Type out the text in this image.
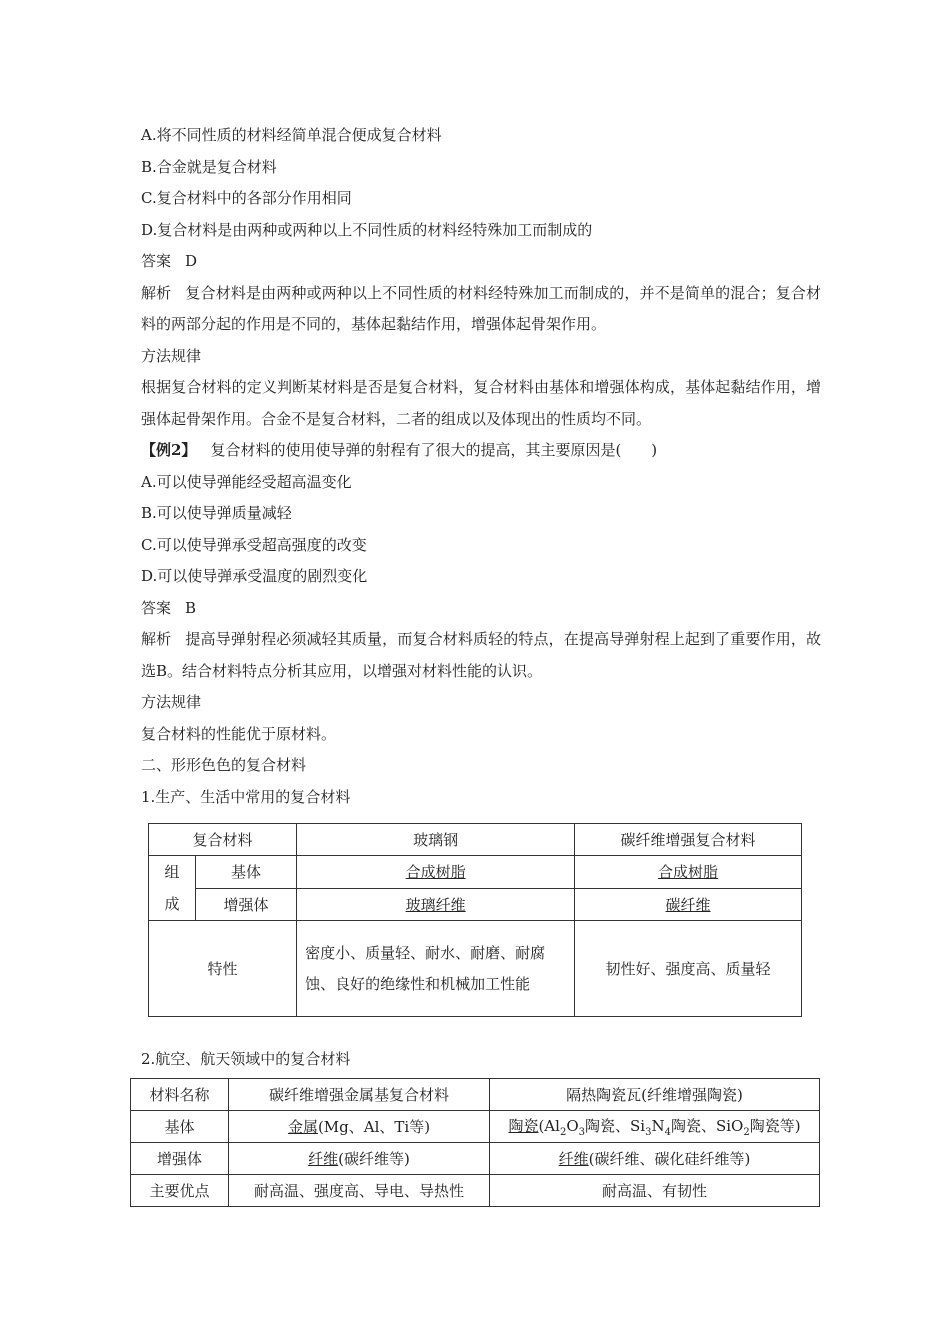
A.将不同性质的材料经简单混合便成复合材料
B.合金就是复合材料
C.复合材料中的各部分作用相同
D.复合材料是由两种或两种以上不同性质的材料经特殊加工而制成的
答案 D
解析 复合材料是由两种或两种以上不同性质的材料经特殊加工而制成的，并不是简单的混合；复合材料的两部分起的作用是不同的，基体起黏结作用，增强体起骨架作用。
方法规律
根据复合材料的定义判断某材料是否是复合材料，复合材料由基体和增强体构成，基体起黏结作用，增强体起骨架作用。合金不是复合材料，二者的组成以及体现出的性质均不同。
【例2】 复合材料的使用使导弹的射程有了很大的提高，其主要原因是(　　)
A.可以使导弹能经受超高温变化
B.可以使导弹质量减轻
C.可以使导弹承受超高强度的改变
D.可以使导弹承受温度的剧烈变化
答案 B
解析 提高导弹射程必须减轻其质量，而复合材料质轻的特点，在提高导弹射程上起到了重要作用，故选B。结合材料特点分析其应用，以增强对材料性能的认识。
方法规律
复合材料的性能优于原材料。
二、形形色色的复合材料
1.生产、生活中常用的复合材料
复合材料		玻璃钢	碳纤维增强复合材料
组
成	基体	合成树脂	合成树脂
	增强体	玻璃纤维	碳纤维
特性		密度小、质量轻、耐水、耐磨、耐腐蚀、良好的绝缘性和机械加工性能	韧性好、强度高、质量轻
2.航空、航天领域中的复合材料
材料名称	碳纤维增强金属基复合材料	隔热陶瓷瓦(纤维增强陶瓷)
基体	金属(Mg、Al、Ti等)	陶瓷($Al_2O_3$陶瓷、$Si_3N_4$陶瓷、SiO$_2$陶瓷等)
增强体	纤维(碳纤维等)	纤维(碳纤维、碳化硅纤维等)
主要优点	耐高温、强度高、导电、导热性	耐高温、有韧性
